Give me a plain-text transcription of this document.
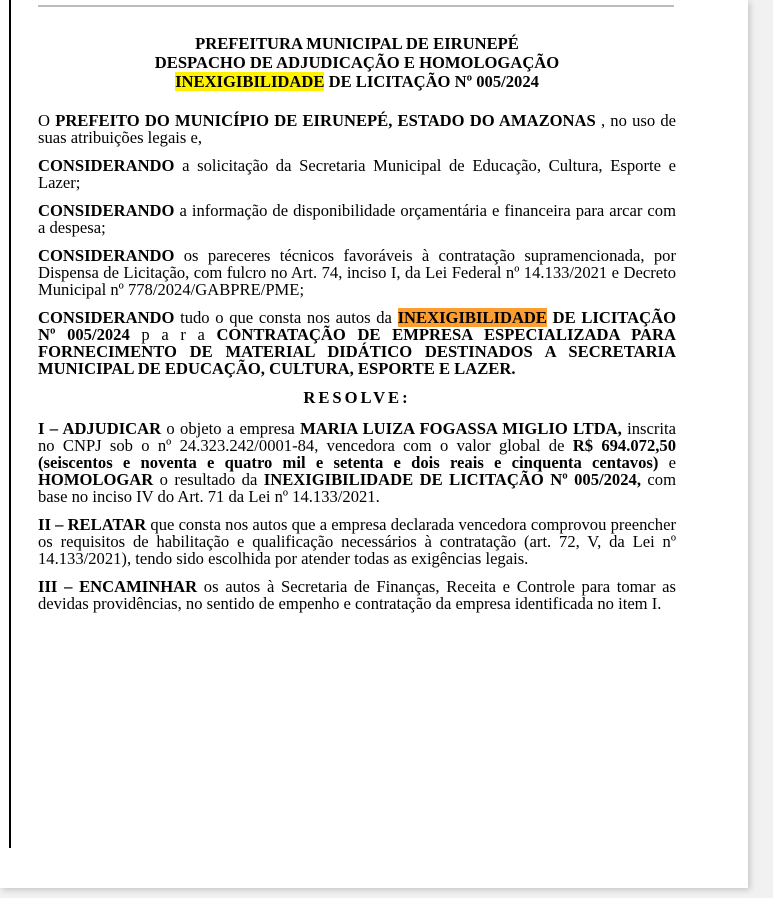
PREFEITURA MUNICIPAL DE EIRUNEPÉ
DESPACHO DE ADJUDICAÇÃO E HOMOLOGAÇÃO
INEXIGIBILIDADE DE LICITAÇÃO Nº 005/2024

O PREFEITO DO MUNICÍPIO DE EIRUNEPÉ, ESTADO DO AMAZONAS , no uso de suas atribuições legais e,

CONSIDERANDO a solicitação da Secretaria Municipal de Educação, Cultura, Esporte e Lazer;

CONSIDERANDO a informação de disponibilidade orçamentária e financeira para arcar com a despesa;

CONSIDERANDO os pareceres técnicos favoráveis à contratação supramencionada, por Dispensa de Licitação, com fulcro no Art. 74, inciso I, da Lei Federal nº 14.133/2021 e Decreto Municipal nº 778/2024/GABPRE/PME;

CONSIDERANDO tudo o que consta nos autos da INEXIGIBILIDADE DE LICITAÇÃO Nº 005/2024 p a r a CONTRATAÇÃO DE EMPRESA ESPECIALIZADA PARA FORNECIMENTO DE MATERIAL DIDÁTICO DESTINADOS A SECRETARIA MUNICIPAL DE EDUCAÇÃO, CULTURA, ESPORTE E LAZER.

RESOLVE:

I – ADJUDICAR o objeto a empresa MARIA LUIZA FOGASSA MIGLIO LTDA, inscrita no CNPJ sob o nº 24.323.242/0001-84, vencedora com o valor global de R$ 694.072,50 (seiscentos e noventa e quatro mil e setenta e dois reais e cinquenta centavos) e HOMOLOGAR o resultado da INEXIGIBILIDADE DE LICITAÇÃO Nº 005/2024, com base no inciso IV do Art. 71 da Lei nº 14.133/2021.

II – RELATAR que consta nos autos que a empresa declarada vencedora comprovou preencher os requisitos de habilitação e qualificação necessários à contratação (art. 72, V, da Lei nº 14.133/2021), tendo sido escolhida por atender todas as exigências legais.

III – ENCAMINHAR os autos à Secretaria de Finanças, Receita e Controle para tomar as devidas providências, no sentido de empenho e contratação da empresa identificada no item I.
